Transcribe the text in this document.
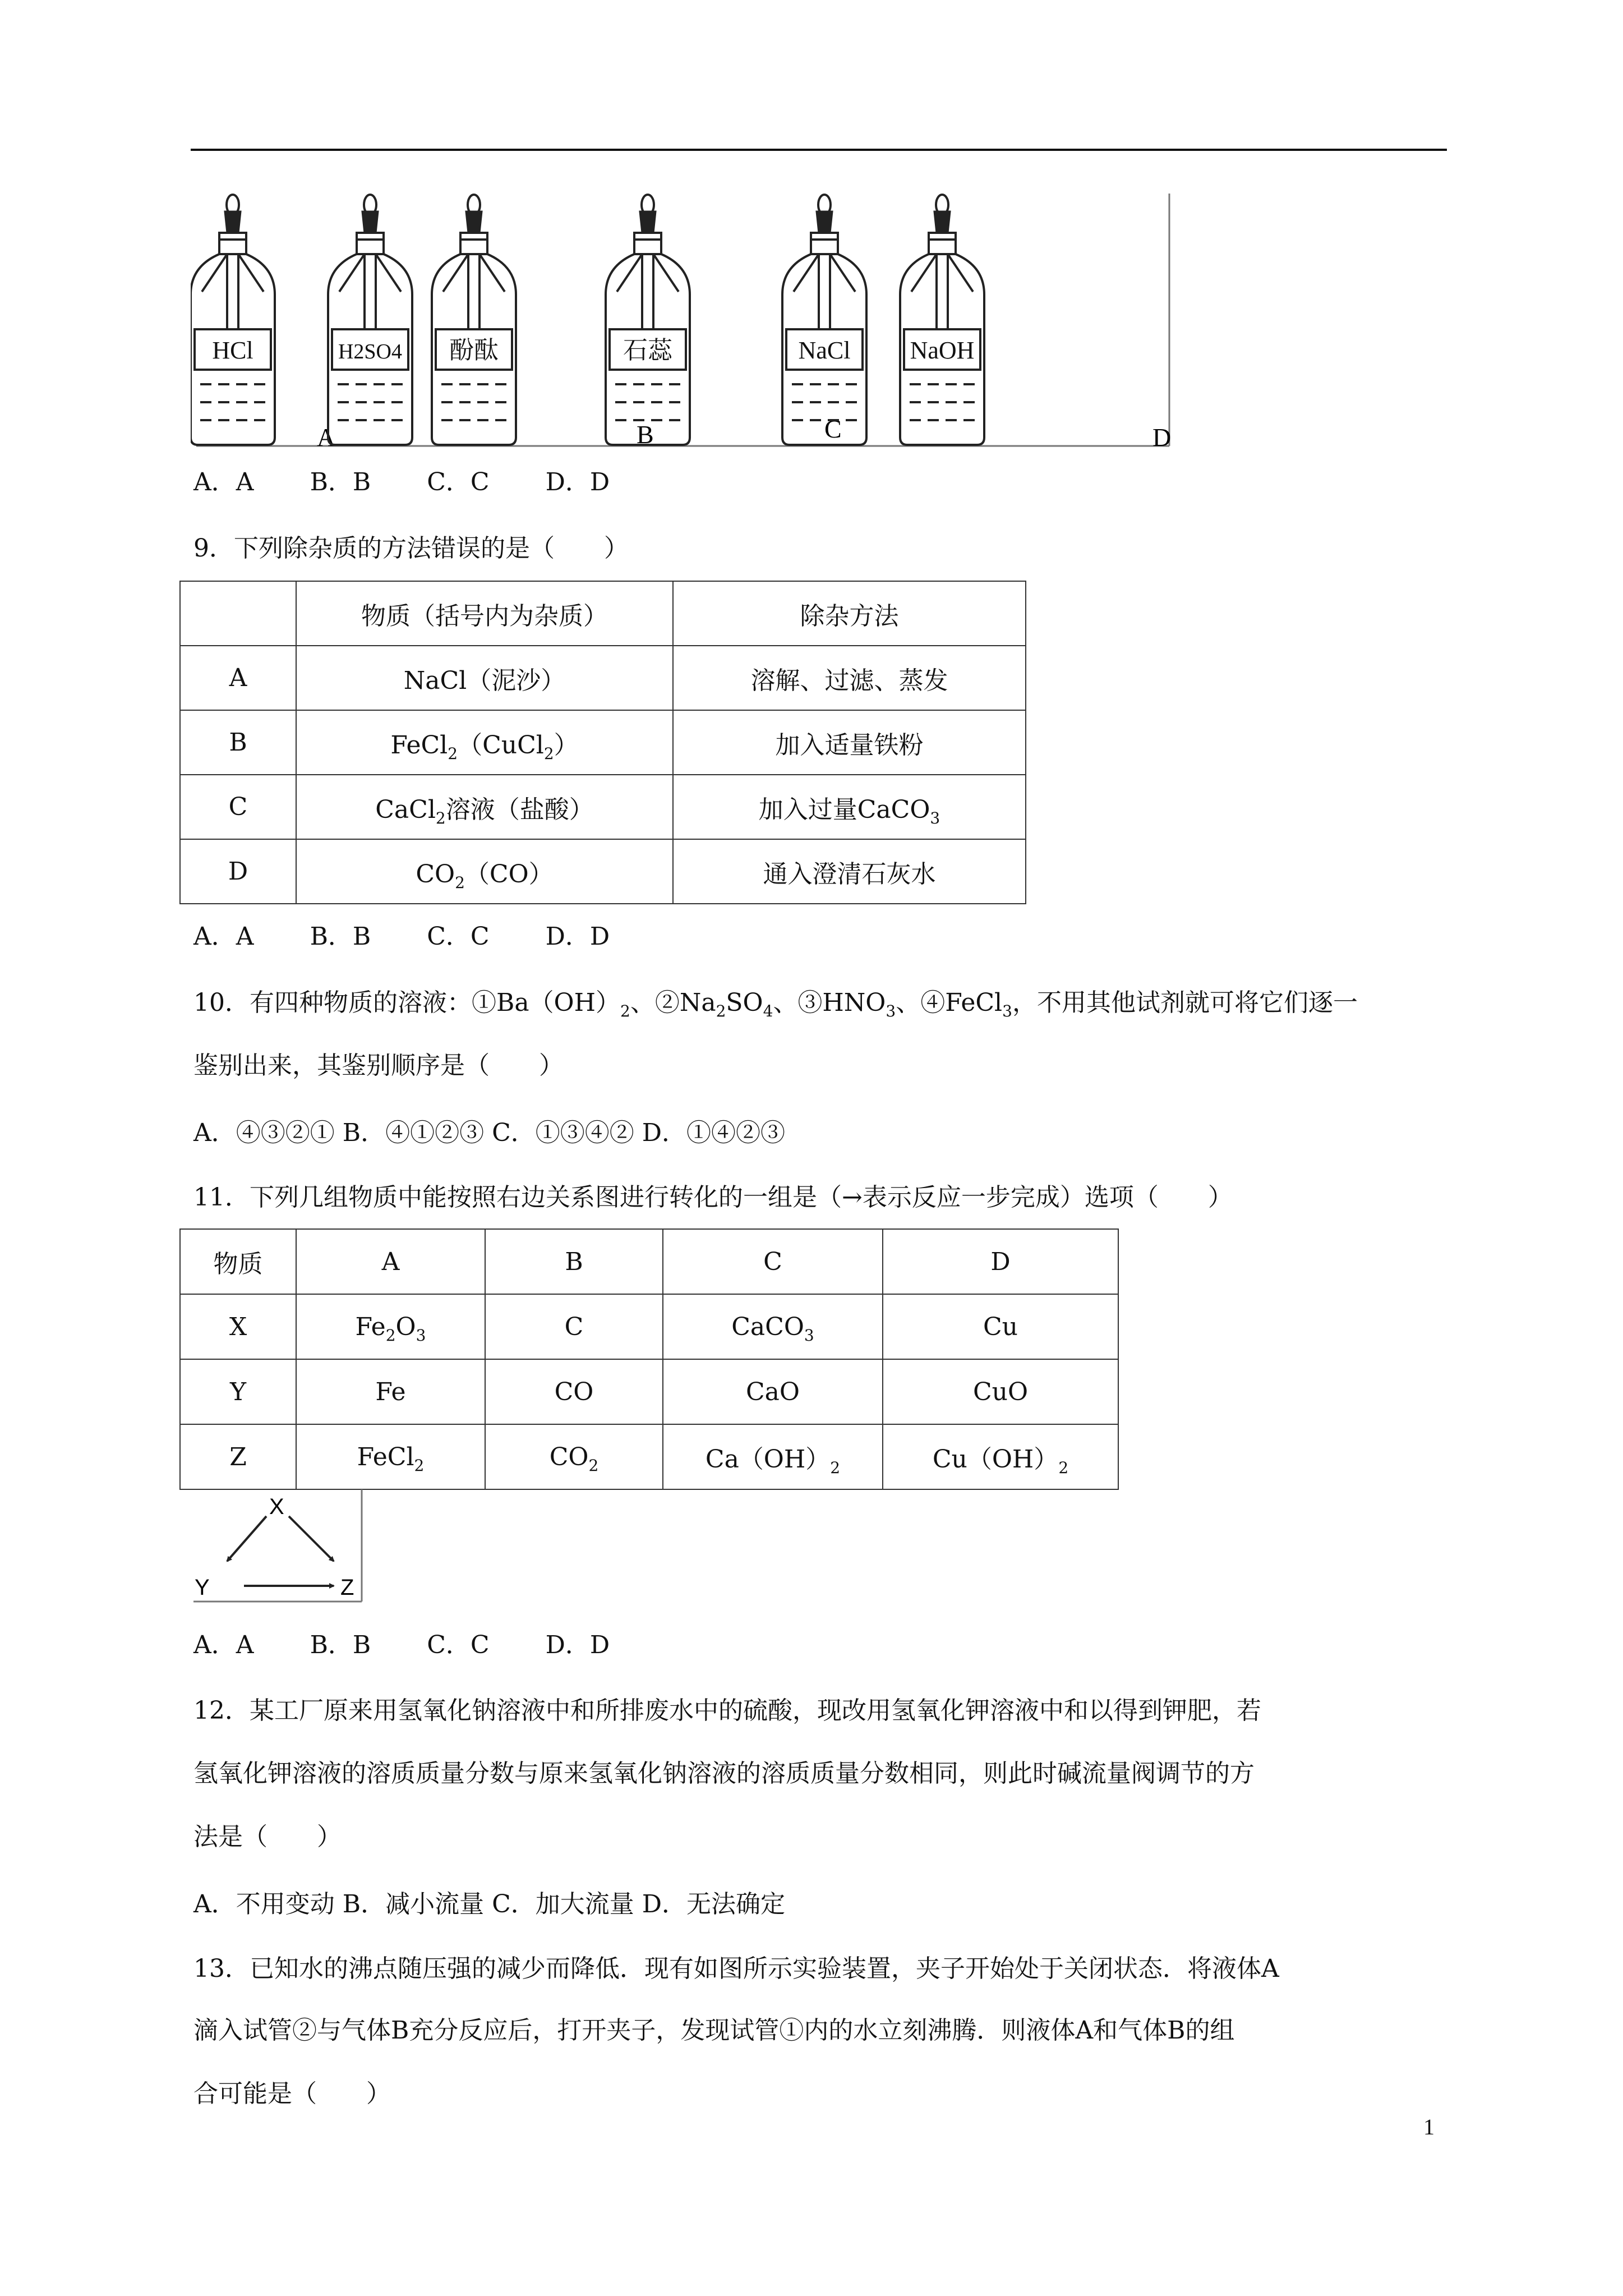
A	B	C	D
HCl	H2SO4 酚酞	石蕊	NaCl NaOH
A．A B．B C．C D．D
9．下列除杂质的方法错误的是（　　）
	物质（括号内为杂质）	除杂方法
A	NaCl（泥沙）	溶解、过滤、蒸发
B	FeCl$_2$（CuCl$_2$）	加入适量铁粉
C	CaCl$_2$溶液（盐酸）	加入过量CaCO$_3$
D	$CO_2(CO)$	通入澄清石灰水
A．A B．B C．C D．D
10．有四种物质的溶液：$①Ba(OH)_2$、$②Na_2SO_4$、$③HNO_3$、④FeCl$_3$，不用其他试剂就可将它们逐一
鉴别出来，其鉴别顺序是（　　）
A．④③②① B．④①②③ C．①③④② D．①④②③
11．下列几组物质中能按照右边关系图进行转化的一组是（→表示反应一步完成）选项（　　）
物质	A	B	C	D
X	$Fe_2O_3$	C	CaCO$_3$	Cu
Y	Fe	CO	CaO	CuO
Z	FeCl$_2$	$CO_2$	$Ca(OH)_2$	$Cu(OH)_2$
X
Y	Z
A．A B．B C．C D．D
12．某工厂原来用氢氧化钠溶液中和所排废水中的硫酸，现改用氢氧化钾溶液中和以得到钾肥，若
氢氧化钾溶液的溶质质量分数与原来氢氧化钠溶液的溶质质量分数相同，则此时碱流量阀调节的方
法是（　　）
A．不用变动 B．减小流量 C．加大流量 D．无法确定
13．已知水的沸点随压强的减少而降低．现有如图所示实验装置，夹子开始处于关闭状态．将液体A
滴入试管②与气体B充分反应后，打开夹子，发现试管①内的水立刻沸腾．则液体A和气体B的组
合可能是（　　）
1
